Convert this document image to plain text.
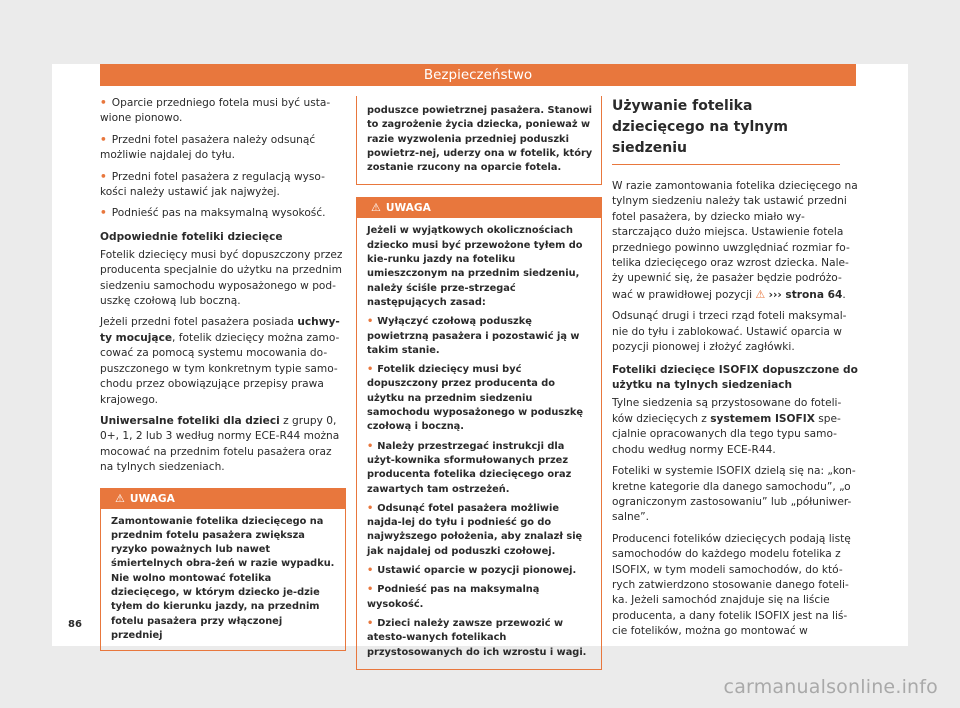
Bezpieczeństwo

• Oparcie przedniego fotela musi być usta-wione pionowo.

• Przedni fotel pasażera należy odsunąć możliwie najdalej do tyłu.

• Przedni fotel pasażera z regulacją wyso-kości należy ustawić jak najwyżej.

• Podnieść pas na maksymalną wysokość.

Odpowiednie foteliki dziecięce

Fotelik dziecięcy musi być dopuszczony przez producenta specjalnie do użytku na przednim siedzeniu samochodu wyposażonego w pod-uszkę czołową lub boczną.

Jeżeli przedni fotel pasażera posiada uchwy-ty mocujące, fotelik dziecięcy można zamo-cować za pomocą systemu mocowania do-puszczonego w tym konkretnym typie samo-chodu przez obowiązujące przepisy prawa krajowego.

Uniwersalne foteliki dla dzieci z grupy 0, 0+, 1, 2 lub 3 według normy ECE-R44 można mocować na przednim fotelu pasażera oraz na tylnych siedzeniach.

⚠ UWAGA

Zamontowanie fotelika dziecięcego na przednim fotelu pasażera zwiększa ryzyko poważnych lub nawet śmiertelnych obra-żeń w razie wypadku. Nie wolno montować fotelika dziecięcego, w którym dziecko je-dzie tyłem do kierunku jazdy, na przednim fotelu pasażera przy włączonej przedniej

poduszce powietrznej pasażera. Stanowi to zagrożenie życia dziecka, ponieważ w razie wyzwolenia przedniej poduszki powietrz-nej, uderzy ona w fotelik, który zostanie rzucony na oparcie fotela.

⚠ UWAGA

Jeżeli w wyjątkowych okolicznościach dziecko musi być przewożone tyłem do kie-runku jazdy na foteliku umieszczonym na przednim siedzeniu, należy ściśle prze-strzegać następujących zasad:

• Wyłączyć czołową poduszkę powietrzną pasażera i pozostawić ją w takim stanie.

• Fotelik dziecięcy musi być dopuszczony przez producenta do użytku na przednim siedzeniu samochodu wyposażonego w poduszkę czołową i boczną.

• Należy przestrzegać instrukcji dla użyt-kownika sformułowanych przez producenta fotelika dziecięcego oraz zawartych tam ostrzeżeń.

• Odsunąć fotel pasażera możliwie najda-lej do tyłu i podnieść go do najwyższego położenia, aby znalazł się jak najdalej od poduszki czołowej.

• Ustawić oparcie w pozycji pionowej.

• Podnieść pas na maksymalną wysokość.

• Dzieci należy zawsze przewozić w atesto-wanych fotelikach przystosowanych do ich wzrostu i wagi.

Używanie fotelika dziecięcego na tylnym siedzeniu

W razie zamontowania fotelika dziecięcego na tylnym siedzeniu należy tak ustawić przedni fotel pasażera, by dziecko miało wy-starczająco dużo miejsca. Ustawienie fotela przedniego powinno uwzględniać rozmiar fo-telika dziecięcego oraz wzrost dziecka. Nale-ży upewnić się, że pasażer będzie podróżo-wać w prawidłowej pozycji ⚠ ››› strona 64.

Odsunąć drugi i trzeci rząd foteli maksymal-nie do tyłu i zablokować. Ustawić oparcia w pozycji pionowej i złożyć zagłówki.

Foteliki dziecięce ISOFIX dopuszczone do użytku na tylnych siedzeniach

Tylne siedzenia są przystosowane do foteli-ków dziecięcych z systemem ISOFIX spe-cjalnie opracowanych dla tego typu samo-chodu według normy ECE-R44.

Foteliki w systemie ISOFIX dzielą się na: „kon-kretne kategorie dla danego samochodu”, „o ograniczonym zastosowaniu” lub „półuniwer-salne”.

Producenci fotelików dziecięcych podają listę samochodów do każdego modelu fotelika z ISOFIX, w tym modeli samochodów, do któ-rych zatwierdzono stosowanie danego foteli-ka. Jeżeli samochód znajduje się na liście producenta, a dany fotelik ISOFIX jest na liś-cie fotelików, można go montować w

86
carmanualsonline.info
